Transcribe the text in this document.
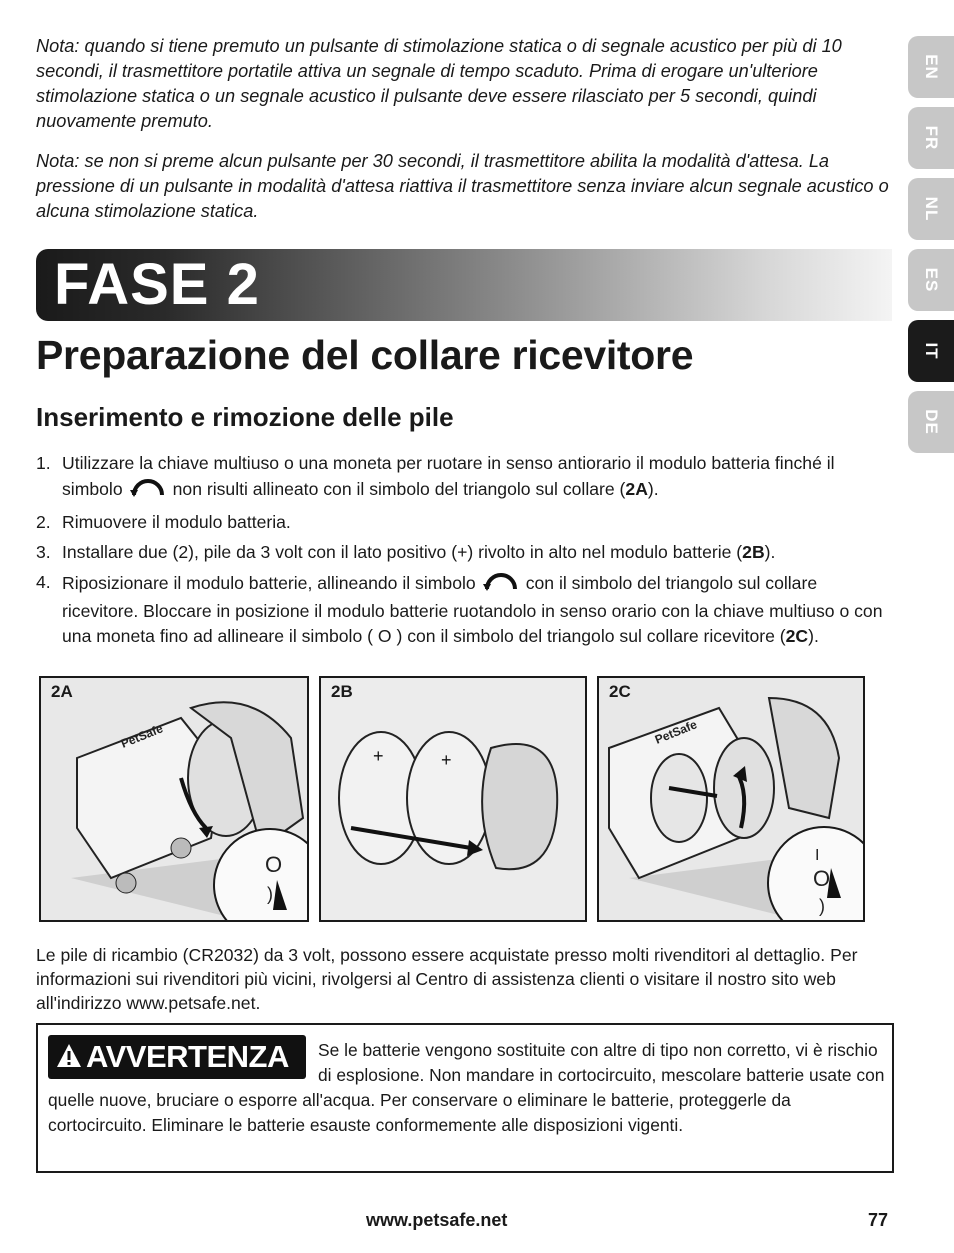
Nota: quando si tiene premuto un pulsante di stimolazione statica o di segnale acustico per più di 10 secondi, il trasmettitore portatile attiva un segnale di tempo scaduto. Prima di erogare un'ulteriore stimolazione statica o un segnale acustico il pulsante deve essere rilasciato per 5 secondi, quindi nuovamente premuto.

Nota: se non si preme alcun pulsante per 30 secondi, il trasmettitore abilita la modalità d'attesa. La pressione di un pulsante in modalità d'attesa riattiva il trasmettitore senza inviare alcun segnale acustico o alcuna stimolazione statica.

EN
FR
NL
ES
IT
DE
FASE 2
Preparazione del collare ricevitore
Inserimento e rimozione delle pile
1. Utilizzare la chiave multiuso o una moneta per ruotare in senso antiorario il modulo batteria finché il simbolo	non risulti allineato con il simbolo del triangolo sul collare (2A).
2. Rimuovere il modulo batteria.
3. Installare due (2), pile da 3 volt con il lato positivo (+) rivolto in alto nel modulo batterie (2B).
4. Riposizionare il modulo batterie, allineando il simbolo	con il simbolo del triangolo sul collare ricevitore. Bloccare in posizione il modulo batterie ruotandolo in senso orario con la chiave multiuso o con una moneta fino ad allineare il simbolo ( O ) con il simbolo del triangolo sul collare ricevitore (2C).
2A
PetSafe
O
)
2B
+	+
2C
PetSafe
I
O
)

Le pile di ricambio (CR2032) da 3 volt, possono essere acquistate presso molti rivenditori al dettaglio. Per informazioni sui rivenditori più vicini, rivolgersi al Centro di assistenza clienti o visitare il nostro sito web all'indirizzo www.petsafe.net.

AVVERTENZA	Se le batterie vengono sostituite con altre di tipo non corretto, vi è rischio di esplosione. Non mandare in cortocircuito, mescolare batterie usate con quelle nuove, bruciare o esporre all'acqua. Per conservare o eliminare le batterie, proteggerle da cortocircuito. Eliminare le batterie esauste conformemente alle disposizioni vigenti.

www.petsafe.net	77
